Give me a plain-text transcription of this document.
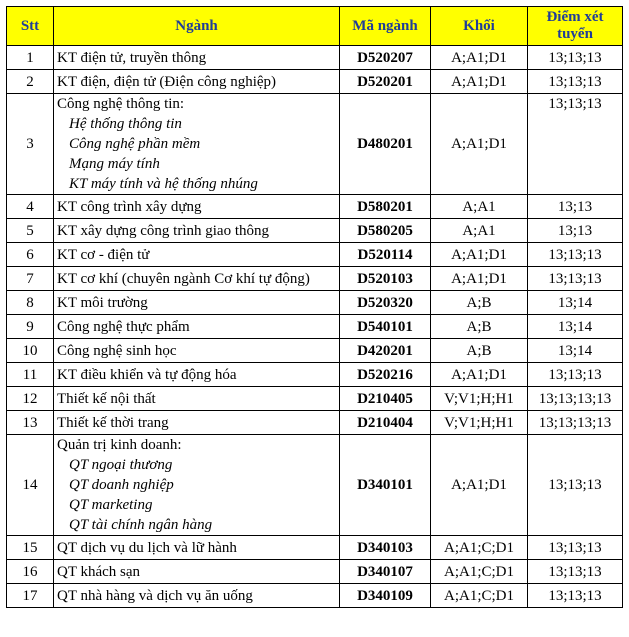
Stt	Ngành	Mã ngành	Khối	Điểm xét tuyển
1	KT điện tử, truyền thông	D520207	A;A1;D1	13;13;13
2	KT điện, điện tử (Điện công nghiệp)	D520201	A;A1;D1	13;13;13
3	Công nghệ thông tin:
Hệ thống thông tin
Công nghệ phần mềm
Mạng máy tính
KT máy tính và hệ thống nhúng	D480201	A;A1;D1	13;13;13
4	KT công trình xây dựng	D580201	A;A1	13;13
5	KT xây dựng công trình giao thông	D580205	A;A1	13;13
6	KT cơ - điện tử	D520114	A;A1;D1	13;13;13
7	KT cơ khí (chuyên ngành Cơ khí tự động)	D520103	A;A1;D1	13;13;13
8	KT môi trường	D520320	A;B	13;14
9	Công nghệ thực phẩm	D540101	A;B	13;14
10	Công nghệ sinh học	D420201	A;B	13;14
11	KT điều khiển và tự động hóa	D520216	A;A1;D1	13;13;13
12	Thiết kế nội thất	D210405	V;V1;H;H1	13;13;13;13
13	Thiết kế thời trang	D210404	V;V1;H;H1	13;13;13;13
14	Quản trị kinh doanh:
QT ngoại thương
QT doanh nghiệp
QT marketing
QT tài chính ngân hàng	D340101	A;A1;D1	13;13;13
15	QT dịch vụ du lịch và lữ hành	D340103	A;A1;C;D1	13;13;13
16	QT khách sạn	D340107	A;A1;C;D1	13;13;13
17	QT nhà hàng và dịch vụ ăn uống	D340109	A;A1;C;D1	13;13;13
